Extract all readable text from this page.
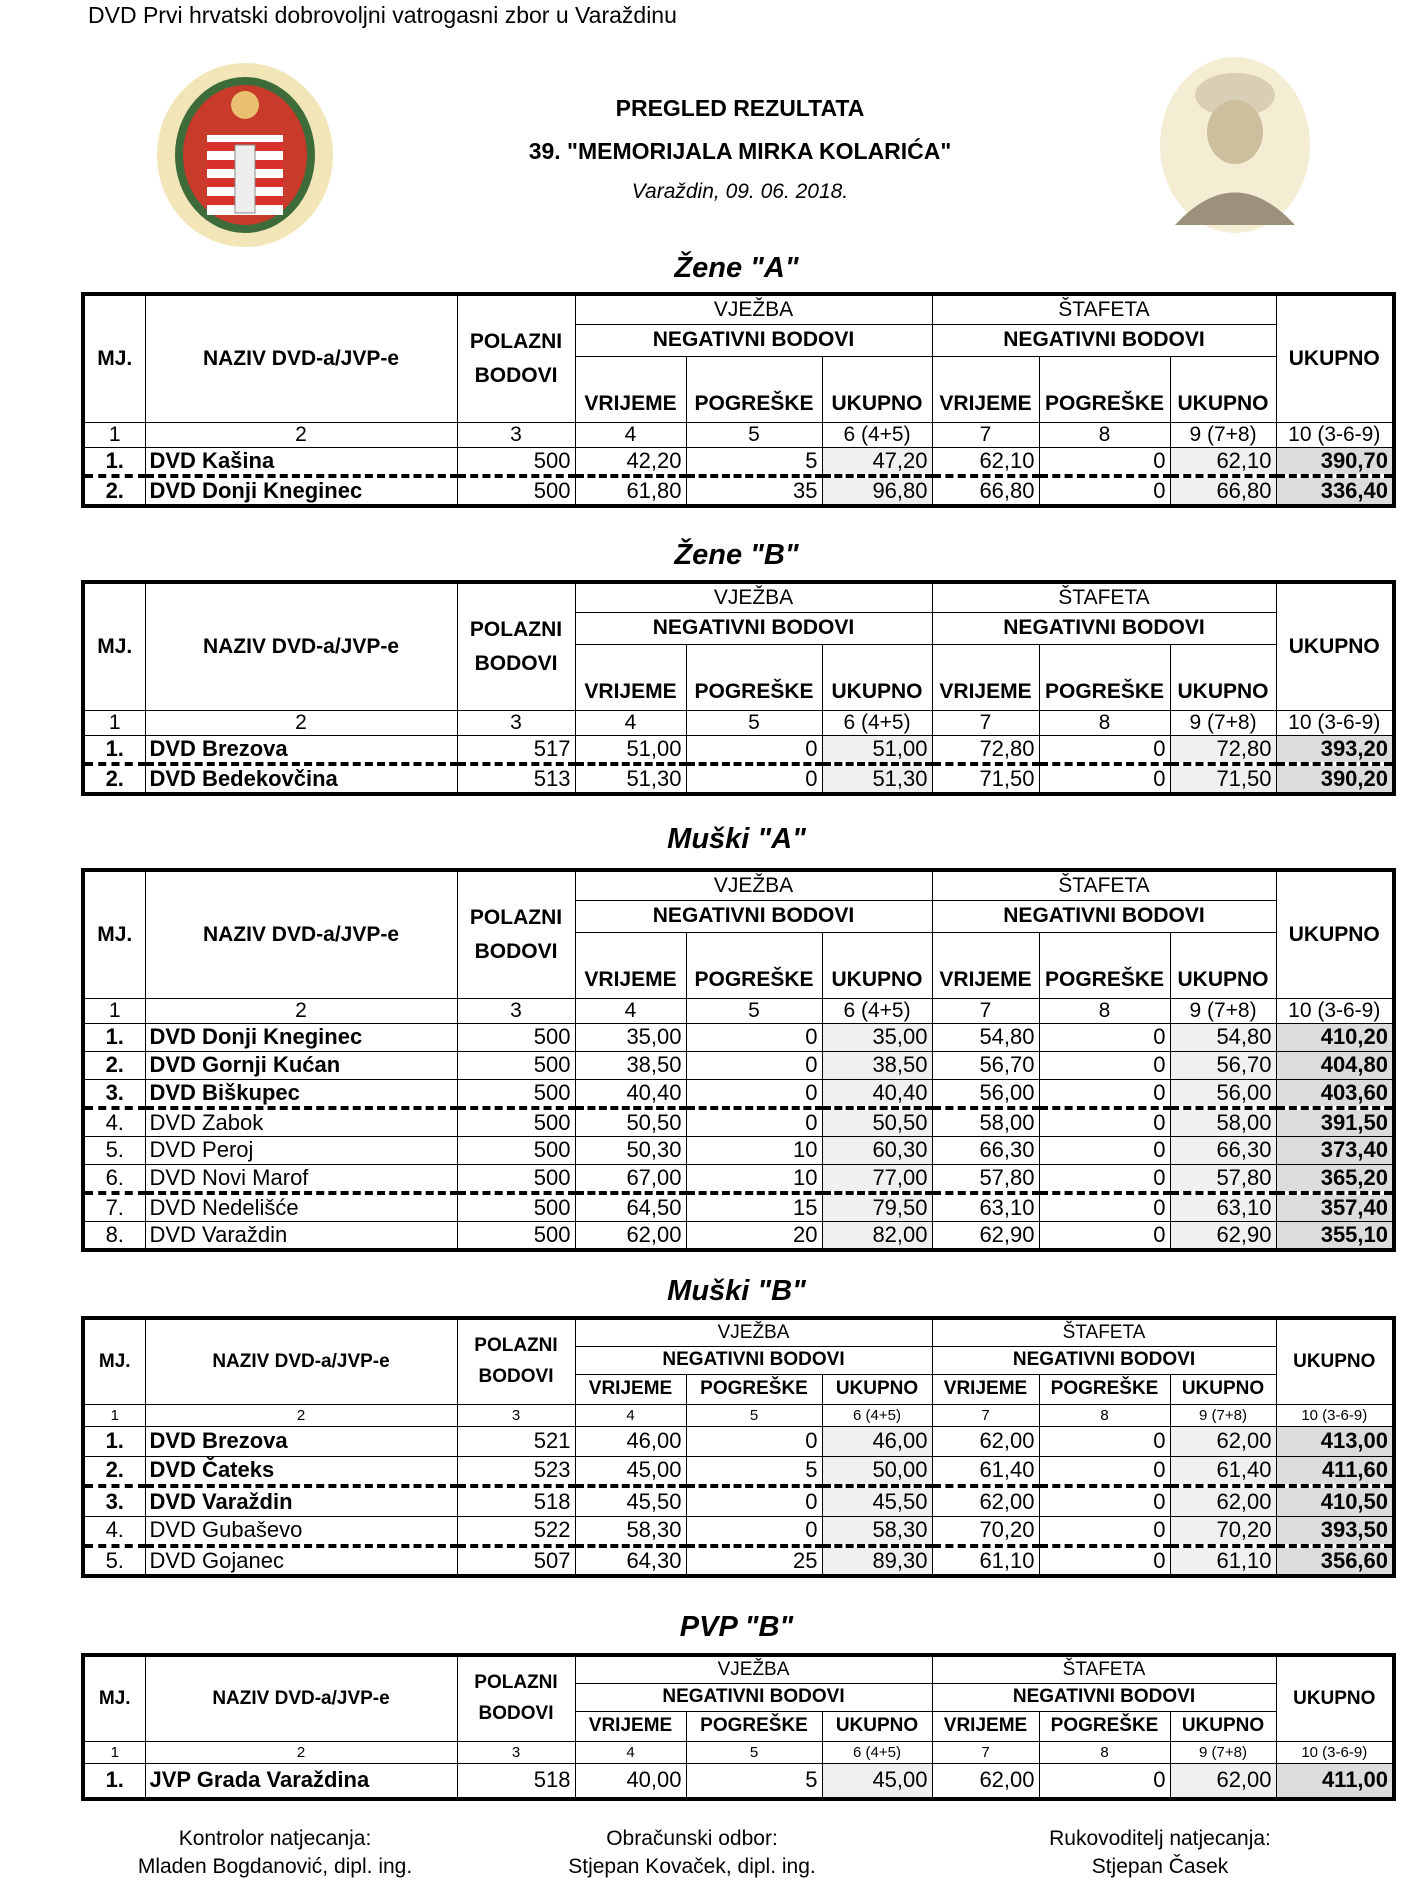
DVD Prvi hrvatski dobrovoljni vatrogasni zbor u Varaždinu
PREGLED REZULTATA
39. "MEMORIJALA MIRKA KOLARIĆA"
Varaždin, 09. 06. 2018.
Žene "A"
MJ.	NAZIV DVD-a/JVP-e	POLAZNI
BODOVI	VJEŽBA			ŠTAFETA			UKUPNO
			NEGATIVNI BODOVI			NEGATIVNI BODOVI			
			VRIJEME	POGREŠKE	UKUPNO	VRIJEME	POGREŠKE	UKUPNO	
1	2	3	4	5	6 (4+5)	7	8	9 (7+8)	10 (3-6-9)
1.	DVD Kašina	500	42,20	5	47,20	62,10	0	62,10	390,70
2.	DVD Donji Kneginec	500	61,80	35	96,80	66,80	0	66,80	336,40
Žene "B"
MJ.	NAZIV DVD-a/JVP-e	POLAZNI
BODOVI	VJEŽBA			ŠTAFETA			UKUPNO
			NEGATIVNI BODOVI			NEGATIVNI BODOVI			
			VRIJEME	POGREŠKE	UKUPNO	VRIJEME	POGREŠKE	UKUPNO	
1	2	3	4	5	6 (4+5)	7	8	9 (7+8)	10 (3-6-9)
1.	DVD Brezova	517	51,00	0	51,00	72,80	0	72,80	393,20
2.	DVD Bedekovčina	513	51,30	0	51,30	71,50	0	71,50	390,20
Muški "A"
MJ.	NAZIV DVD-a/JVP-e	POLAZNI
BODOVI	VJEŽBA			ŠTAFETA			UKUPNO
			NEGATIVNI BODOVI			NEGATIVNI BODOVI			
			VRIJEME	POGREŠKE	UKUPNO	VRIJEME	POGREŠKE	UKUPNO	
1	2	3	4	5	6 (4+5)	7	8	9 (7+8)	10 (3-6-9)
1.	DVD Donji Kneginec	500	35,00	0	35,00	54,80	0	54,80	410,20
2.	DVD Gornji Kućan	500	38,50	0	38,50	56,70	0	56,70	404,80
3.	DVD Biškupec	500	40,40	0	40,40	56,00	0	56,00	403,60
4.	DVD Zabok	500	50,50	0	50,50	58,00	0	58,00	391,50
5.	DVD Peroj	500	50,30	10	60,30	66,30	0	66,30	373,40
6.	DVD Novi Marof	500	67,00	10	77,00	57,80	0	57,80	365,20
7.	DVD Nedelišće	500	64,50	15	79,50	63,10	0	63,10	357,40
8.	DVD Varaždin	500	62,00	20	82,00	62,90	0	62,90	355,10
Muški "B"
MJ.	NAZIV DVD-a/JVP-e	POLAZNI
BODOVI	VJEŽBA			ŠTAFETA			UKUPNO
			NEGATIVNI BODOVI			NEGATIVNI BODOVI			
			VRIJEME	POGREŠKE	UKUPNO	VRIJEME	POGREŠKE	UKUPNO	
1	2	3	4	5	6 (4+5)	7	8	9 (7+8)	10 (3-6-9)
1.	DVD Brezova	521	46,00	0	46,00	62,00	0	62,00	413,00
2.	DVD Čateks	523	45,00	5	50,00	61,40	0	61,40	411,60
3.	DVD Varaždin	518	45,50	0	45,50	62,00	0	62,00	410,50
4.	DVD Gubaševo	522	58,30	0	58,30	70,20	0	70,20	393,50
5.	DVD Gojanec	507	64,30	25	89,30	61,10	0	61,10	356,60
PVP "B"
MJ.	NAZIV DVD-a/JVP-e	POLAZNI
BODOVI	VJEŽBA			ŠTAFETA			UKUPNO
			NEGATIVNI BODOVI			NEGATIVNI BODOVI			
			VRIJEME	POGREŠKE	UKUPNO	VRIJEME	POGREŠKE	UKUPNO	
1	2	3	4	5	6 (4+5)	7	8	9 (7+8)	10 (3-6-9)
1.	JVP Grada Varaždina	518	40,00	5	45,00	62,00	0	62,00	411,00
Kontrolor natjecanja:
Mladen Bogdanović, dipl. ing.
Obračunski odbor:
Stjepan Kovaček, dipl. ing.
Rukovoditelj natjecanja:
Stjepan Časek
